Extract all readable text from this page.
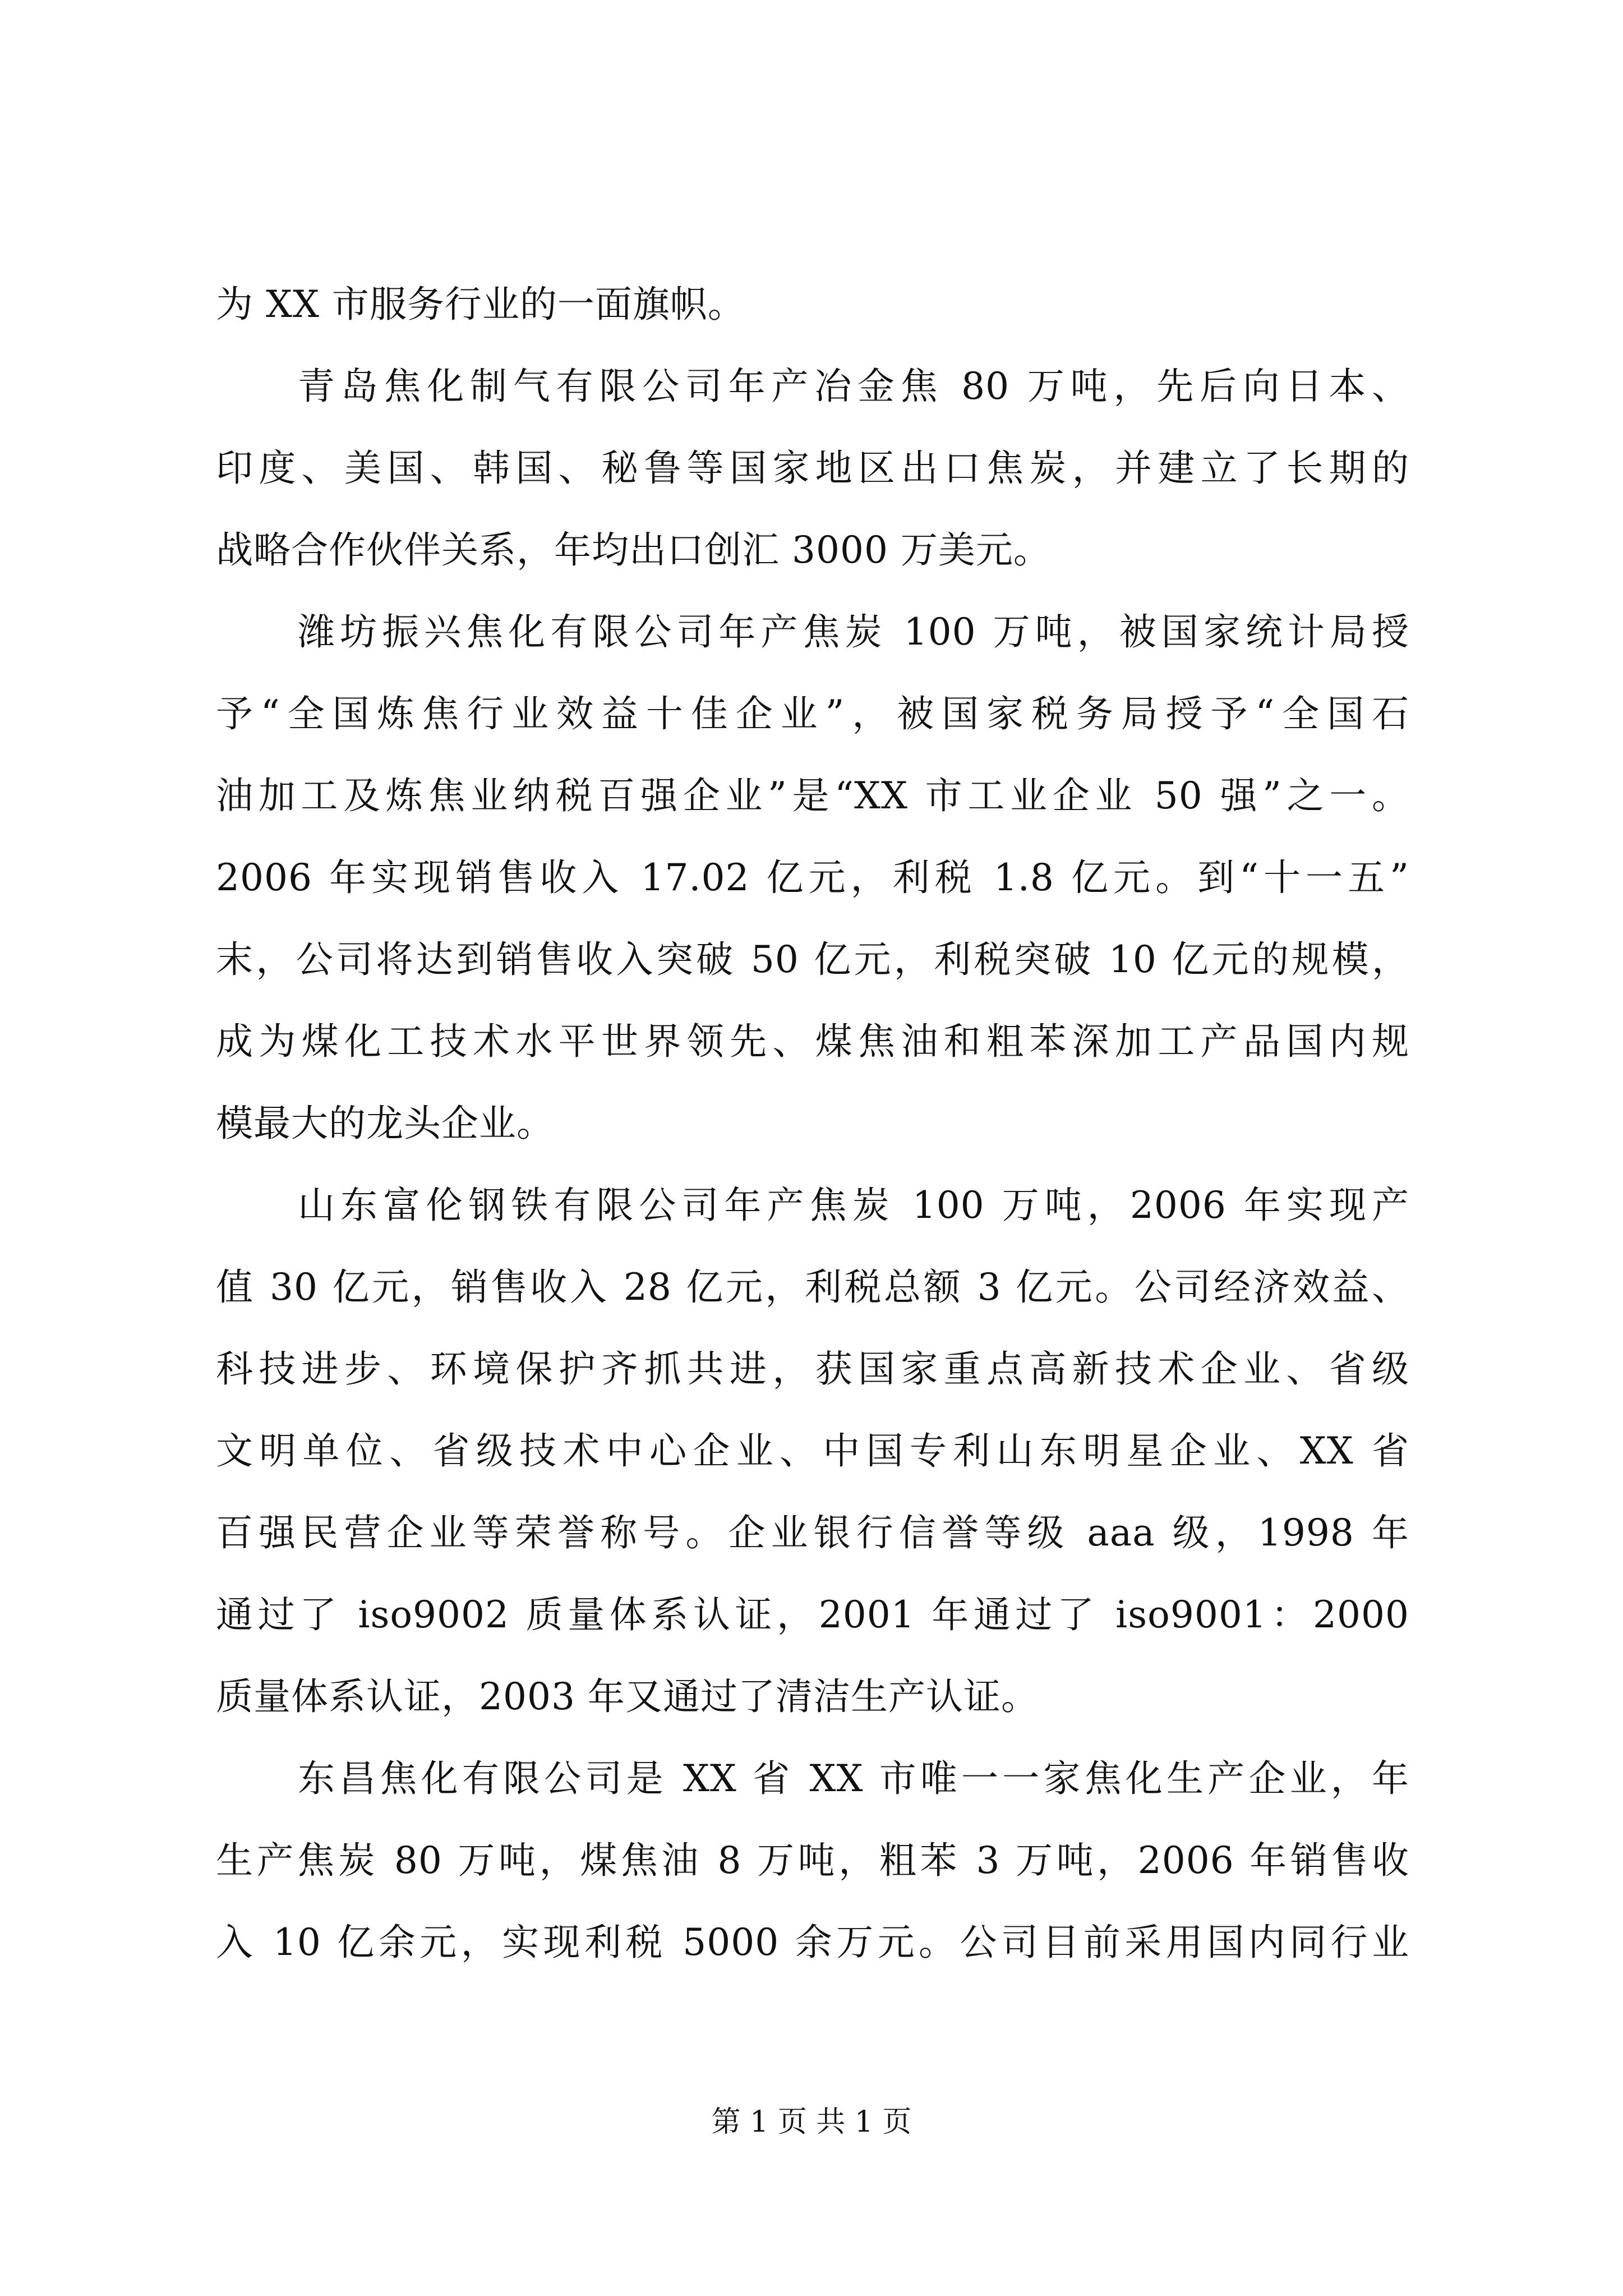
为 XX 市服务行业的一面旗帜。
青岛焦化制气有限公司年产冶金焦 80 万吨，先后向日本、
印度、美国、韩国、秘鲁等国家地区出口焦炭，并建立了长期的
战略合作伙伴关系，年均出口创汇 3000 万美元。
潍坊振兴焦化有限公司年产焦炭 100 万吨，被国家统计局授
予“全国炼焦行业效益十佳企业”，被国家税务局授予“全国石
油加工及炼焦业纳税百强企业”是“XX 市工业企业 50 强”之一。
2006 年实现销售收入 17.02 亿元，利税 1.8 亿元。到“十一五”
末，公司将达到销售收入突破 50 亿元，利税突破 10 亿元的规模，
成为煤化工技术水平世界领先、煤焦油和粗苯深加工产品国内规
模最大的龙头企业。
山东富伦钢铁有限公司年产焦炭 100 万吨，2006 年实现产
值 30 亿元，销售收入 28 亿元，利税总额 3 亿元。公司经济效益、
科技进步、环境保护齐抓共进，获国家重点高新技术企业、省级
文明单位、省级技术中心企业、中国专利山东明星企业、XX 省
百强民营企业等荣誉称号。企业银行信誉等级 aaa 级，1998 年
通过了 iso9002 质量体系认证，2001 年通过了 iso9001：2000
质量体系认证，2003 年又通过了清洁生产认证。
东昌焦化有限公司是 XX 省 XX 市唯一一家焦化生产企业，年
生产焦炭 80 万吨，煤焦油 8 万吨，粗苯 3 万吨，2006 年销售收
入 10 亿余元，实现利税 5000 余万元。公司目前采用国内同行业
第 1 页 共 1 页
